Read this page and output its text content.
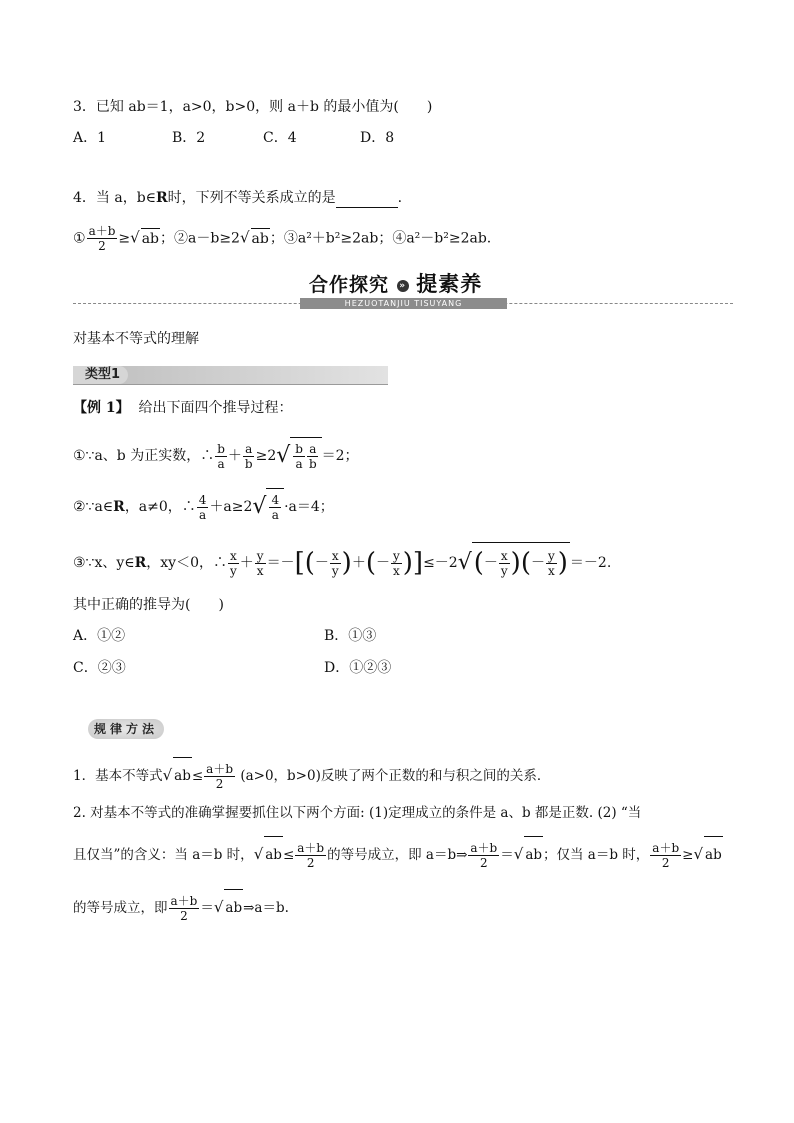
3．已知 ab＝1，a>0，b>0，则 a＋b 的最小值为(　　)
A．1	B．2	C．4	D．8
4．当 a，b∈R时，下列不等关系成立的是	.
① $\frac{a+b}{2}$ ≥√ ab；②a－b≥2√ ab；③a²＋b²≥2ab；④a²－b²≥2ab.
合作探究 » 提素养
HEZUOTANJIU TISUYANG
对基本不等式的理解
类型1
【例 1】 给出下面四个推导过程：
①∵a、b 为正实数，∴ $\frac{b}{a} + \frac{a}{b} \ge 2√ \frac{b}{a} \frac{a}{b} =2$；
②∵a∈R，a≠0，∴ $\frac{4}{a} +a\ge 2√ \frac{4}{a} \cdot a=4$；
③∵x、y∈R，xy＜0，∴ $\frac{x}{y} + \frac{y}{x}$ ＝－[(－ $\frac{x}{y}$ )＋(－ $\frac{y}{x} )]\le-2√(- \frac{x}{y}$ )(－ $\frac{y}{x}$ ) ＝－2.
其中正确的推导为(　　)
A．①②	B．①③
C．②③	D．①②③
规律方法
1．基本不等式√ $ab\le \frac{a+b}{2} (a>0$，b>0)反映了两个正数的和与积之间的关系．
2. 对基本不等式的准确掌握要抓住以下两个方面: (1)定理成立的条件是 a、b 都是正数. (2) “当
且仅当”的含义：当 a＝b 时，√ $ab\le \frac{a+b}{2}$ 的等号成立，即 a＝b⇒ $\frac{a+b}{2}$ ＝√ ab；仅当 a＝b 时， $\frac{a+b}{2}$ ≥√ ab
的等号成立，即 $\frac{a+b}{2}$ ＝√ ab⇒a＝b.
